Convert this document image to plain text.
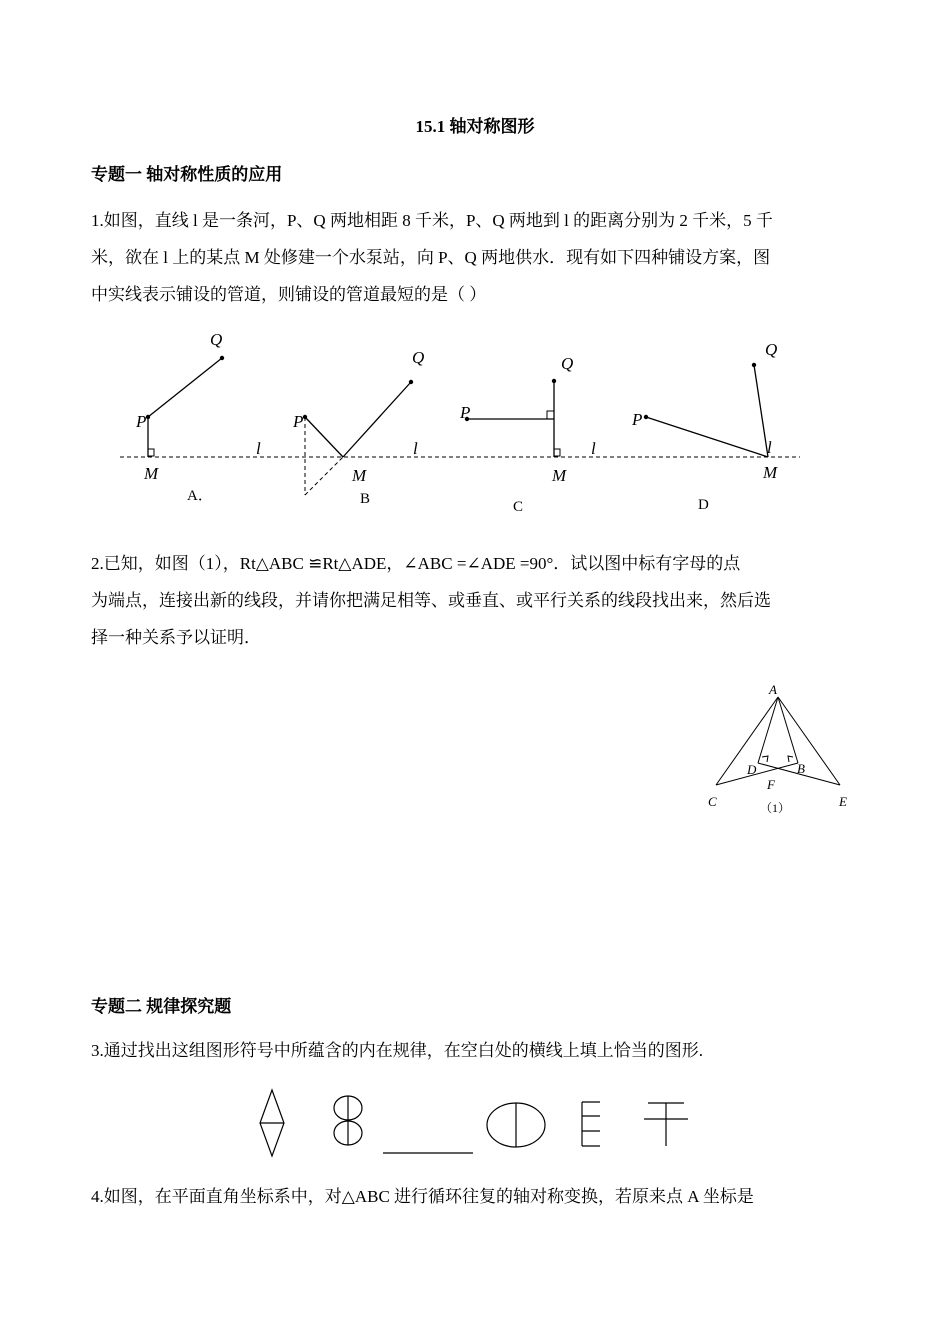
15.1 轴对称图形
专题一 轴对称性质的应用

1.如图，直线 l 是一条河，P、Q 两地相距 8 千米，P、Q 两地到 l 的距离分别为 2 千米，5 千

米，欲在 l 上的某点 M 处修建一个水泵站，向 P、Q 两地供水．现有如下四种铺设方案，图

中实线表示铺设的管道，则铺设的管道最短的是（ ）

Q
P
M
l
Q
P
M
l
Q
P
M
l
Q
P
M
l
A．	B	C	D

2.已知，如图（1），Rt△ABC ≌Rt△ADE，∠ABC =∠ADE =90°．试以图中标有字母的点

为端点，连接出新的线段，并请你把满足相等、或垂直、或平行关系的线段找出来，然后选

择一种关系予以证明．

A
D	B
F
C	E
（1）
专题二 规律探究题

3.通过找出这组图形符号中所蕴含的内在规律，在空白处的横线上填上恰当的图形.

4.如图，在平面直角坐标系中，对△ABC 进行循环往复的轴对称变换，若原来点 A 坐标是
